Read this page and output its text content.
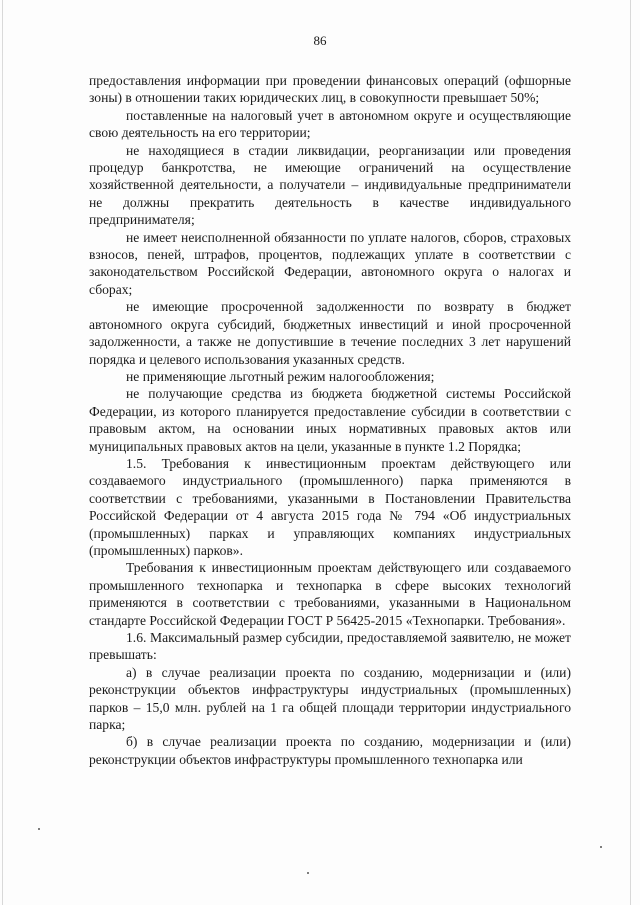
86

предоставления информации при проведении финансовых операций (офшорные зоны) в отношении таких юридических лиц, в совокупности превышает 50%;

поставленные на налоговый учет в автономном округе и осуществляющие свою деятельность на его территории;

не находящиеся в стадии ликвидации, реорганизации или проведения процедур банкротства, не имеющие ограничений на осуществление хозяйственной деятельности, а получатели – индивидуальные предприниматели не должны прекратить деятельность в качестве индивидуального предпринимателя;

не имеет неисполненной обязанности по уплате налогов, сборов, страховых взносов, пеней, штрафов, процентов, подлежащих уплате в соответствии с законодательством Российской Федерации, автономного округа о налогах и сборах;

не имеющие просроченной задолженности по возврату в бюджет автономного округа субсидий, бюджетных инвестиций и иной просроченной задолженности, а также не допустившие в течение последних 3 лет нарушений порядка и целевого использования указанных средств.

не применяющие льготный режим налогообложения;

не получающие средства из бюджета бюджетной системы Российской Федерации, из которого планируется предоставление субсидии в соответствии с правовым актом, на основании иных нормативных правовых актов или муниципальных правовых актов на цели, указанные в пункте 1.2 Порядка;

1.5. Требования к инвестиционным проектам действующего или создаваемого индустриального (промышленного) парка применяются в соответствии с требованиями, указанными в Постановлении Правительства Российской Федерации от 4 августа 2015 года № 794 «Об индустриальных (промышленных) парках и управляющих компаниях индустриальных (промышленных) парков».

Требования к инвестиционным проектам действующего или создаваемого промышленного технопарка и технопарка в сфере высоких технологий применяются в соответствии с требованиями, указанными в Национальном стандарте Российской Федерации ГОСТ Р 56425-2015 «Технопарки. Требования».

1.6. Максимальный размер субсидии, предоставляемой заявителю, не может превышать:

а) в случае реализации проекта по созданию, модернизации и (или) реконструкции объектов инфраструктуры индустриальных (промышленных) парков – 15,0 млн. рублей на 1 га общей площади территории индустриального парка;

б) в случае реализации проекта по созданию, модернизации и (или) реконструкции объектов инфраструктуры промышленного технопарка или
